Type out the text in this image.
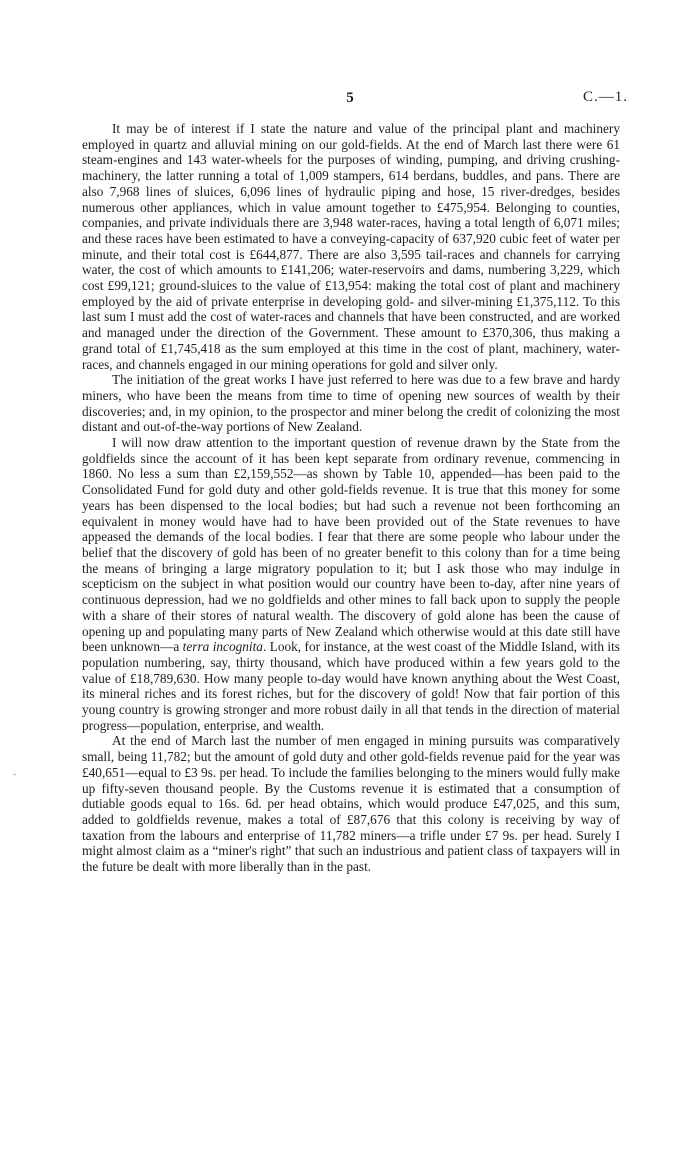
5	C.—1.

It may be of interest if I state the nature and value of the principal plant and machinery employed in quartz and alluvial mining on our gold-fields. At the end of March last there were 61 steam-engines and 143 water-wheels for the purposes of winding, pumping, and driving crushing-machinery, the latter running a total of 1,009 stampers, 614 berdans, buddles, and pans. There are also 7,968 lines of sluices, 6,096 lines of hydraulic piping and hose, 15 river-dredges, besides numerous other appliances, which in value amount together to £475,954. Belonging to counties, companies, and private individuals there are 3,948 water-races, having a total length of 6,071 miles; and these races have been estimated to have a conveying-capacity of 637,920 cubic feet of water per minute, and their total cost is £644,877. There are also 3,595 tail-races and channels for carrying water, the cost of which amounts to £141,206; water-reservoirs and dams, numbering 3,229, which cost £99,121; ground-sluices to the value of £13,954: making the total cost of plant and machinery employed by the aid of private enterprise in developing gold- and silver-mining £1,375,112. To this last sum I must add the cost of water-races and channels that have been constructed, and are worked and managed under the direction of the Government. These amount to £370,306, thus making a grand total of £1,745,418 as the sum employed at this time in the cost of plant, machinery, water-races, and channels engaged in our mining operations for gold and silver only.

The initiation of the great works I have just referred to here was due to a few brave and hardy miners, who have been the means from time to time of opening new sources of wealth by their discoveries; and, in my opinion, to the prospector and miner belong the credit of colonizing the most distant and out-of-the-way portions of New Zealand.

I will now draw attention to the important question of revenue drawn by the State from the goldfields since the account of it has been kept separate from ordinary revenue, commencing in 1860. No less a sum than £2,159,552—as shown by Table 10, appended—has been paid to the Consolidated Fund for gold duty and other gold-fields revenue. It is true that this money for some years has been dispensed to the local bodies; but had such a revenue not been forthcoming an equivalent in money would have had to have been provided out of the State revenues to have appeased the demands of the local bodies. I fear that there are some people who labour under the belief that the discovery of gold has been of no greater benefit to this colony than for a time being the means of bringing a large migratory population to it; but I ask those who may indulge in scepticism on the subject in what position would our country have been to-day, after nine years of continuous depression, had we no goldfields and other mines to fall back upon to supply the people with a share of their stores of natural wealth. The discovery of gold alone has been the cause of opening up and populating many parts of New Zealand which otherwise would at this date still have been unknown—a terra incognita. Look, for instance, at the west coast of the Middle Island, with its population numbering, say, thirty thousand, which have produced within a few years gold to the value of £18,789,630. How many people to-day would have known anything about the West Coast, its mineral riches and its forest riches, but for the discovery of gold! Now that fair portion of this young country is growing stronger and more robust daily in all that tends in the direction of material progress—population, enterprise, and wealth.

At the end of March last the number of men engaged in mining pursuits was comparatively small, being 11,782; but the amount of gold duty and other gold-fields revenue paid for the year was £40,651—equal to £3 9s. per head. To include the families belonging to the miners would fully make up fifty-seven thousand people. By the Customs revenue it is estimated that a consumption of dutiable goods equal to 16s. 6d. per head obtains, which would produce £47,025, and this sum, added to goldfields revenue, makes a total of £87,676 that this colony is receiving by way of taxation from the labours and enterprise of 11,782 miners—a trifle under £7 9s. per head. Surely I might almost claim as a “miner's right” that such an industrious and patient class of taxpayers will in the future be dealt with more liberally than in the past.

-
